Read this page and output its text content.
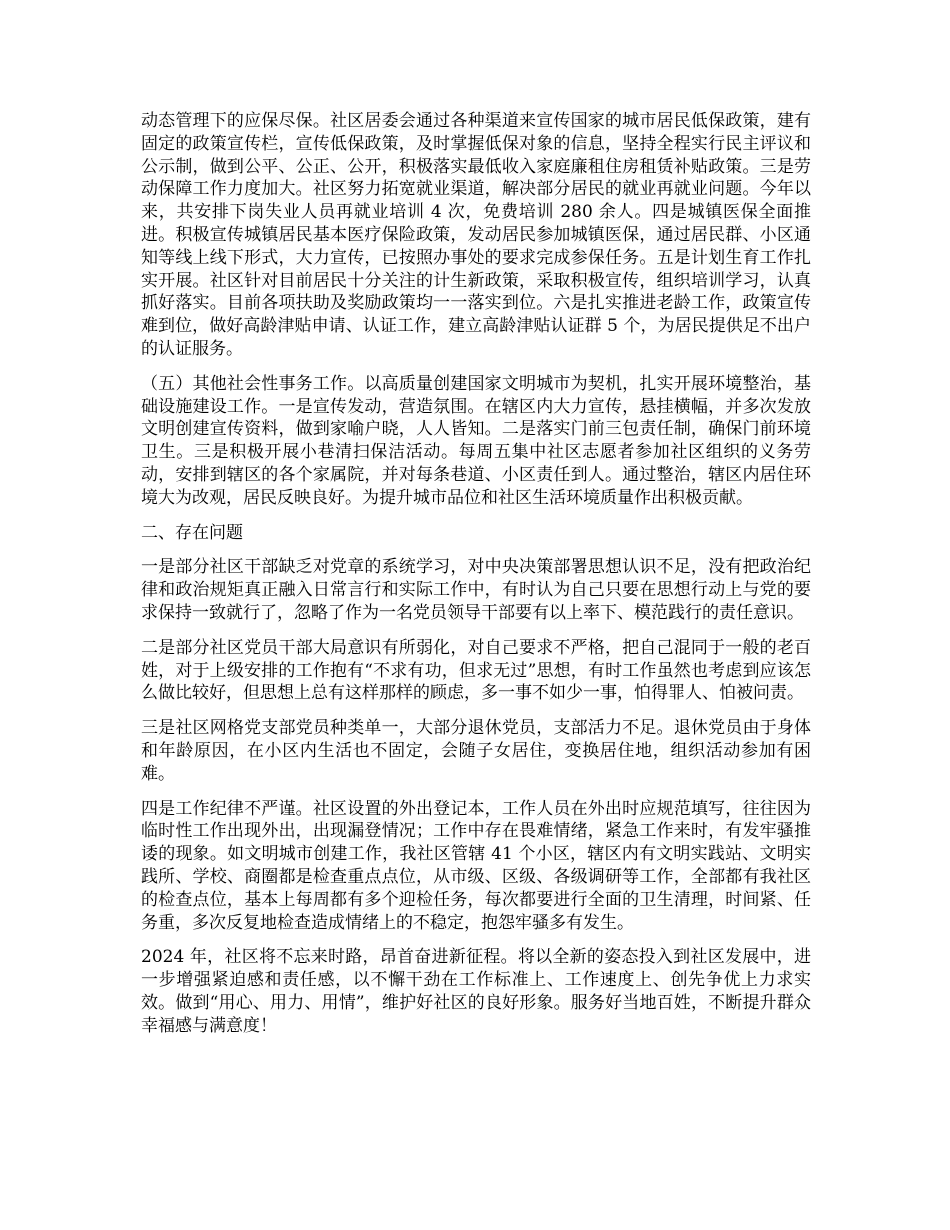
动态管理下的应保尽保。社区居委会通过各种渠道来宣传国家的城市居民低保政策，建有固定的政策宣传栏，宣传低保政策，及时掌握低保对象的信息，坚持全程实行民主评议和公示制，做到公平、公正、公开，积极落实最低收入家庭廉租住房租赁补贴政策。三是劳动保障工作力度加大。社区努力拓宽就业渠道，解决部分居民的就业再就业问题。今年以来，共安排下岗失业人员再就业培训 4 次，免费培训 280 余人。四是城镇医保全面推进。积极宣传城镇居民基本医疗保险政策，发动居民参加城镇医保，通过居民群、小区通知等线上线下形式，大力宣传，已按照办事处的要求完成参保任务。五是计划生育工作扎实开展。社区针对目前居民十分关注的计生新政策，采取积极宣传，组织培训学习，认真抓好落实。目前各项扶助及奖励政策均一一落实到位。六是扎实推进老龄工作，政策宣传难到位，做好高龄津贴申请、认证工作，建立高龄津贴认证群 5 个，为居民提供足不出户的认证服务。

（五）其他社会性事务工作。以高质量创建国家文明城市为契机，扎实开展环境整治，基础设施建设工作。一是宣传发动，营造氛围。在辖区内大力宣传，悬挂横幅，并多次发放文明创建宣传资料，做到家喻户晓，人人皆知。二是落实门前三包责任制，确保门前环境卫生。三是积极开展小巷清扫保洁活动。每周五集中社区志愿者参加社区组织的义务劳动，安排到辖区的各个家属院，并对每条巷道、小区责任到人。通过整治，辖区内居住环境大为改观，居民反映良好。为提升城市品位和社区生活环境质量作出积极贡献。

二、存在问题

一是部分社区干部缺乏对党章的系统学习，对中央决策部署思想认识不足，没有把政治纪律和政治规矩真正融入日常言行和实际工作中，有时认为自己只要在思想行动上与党的要求保持一致就行了，忽略了作为一名党员领导干部要有以上率下、模范践行的责任意识。

二是部分社区党员干部大局意识有所弱化，对自己要求不严格，把自己混同于一般的老百姓，对于上级安排的工作抱有“不求有功，但求无过”思想，有时工作虽然也考虑到应该怎么做比较好，但思想上总有这样那样的顾虑，多一事不如少一事，怕得罪人、怕被问责。

三是社区网格党支部党员种类单一，大部分退休党员，支部活力不足。退休党员由于身体和年龄原因，在小区内生活也不固定，会随子女居住，变换居住地，组织活动参加有困难。

四是工作纪律不严谨。社区设置的外出登记本，工作人员在外出时应规范填写，往往因为临时性工作出现外出，出现漏登情况；工作中存在畏难情绪，紧急工作来时，有发牢骚推诿的现象。如文明城市创建工作，我社区管辖 41 个小区，辖区内有文明实践站、文明实践所、学校、商圈都是检查重点点位，从市级、区级、各级调研等工作，全部都有我社区的检查点位，基本上每周都有多个迎检任务，每次都要进行全面的卫生清理，时间紧、任务重，多次反复地检查造成情绪上的不稳定，抱怨牢骚多有发生。

2024 年，社区将不忘来时路，昂首奋进新征程。将以全新的姿态投入到社区发展中，进一步增强紧迫感和责任感，以不懈干劲在工作标准上、工作速度上、创先争优上力求实效。做到“用心、用力、用情”，维护好社区的良好形象。服务好当地百姓，不断提升群众幸福感与满意度！
